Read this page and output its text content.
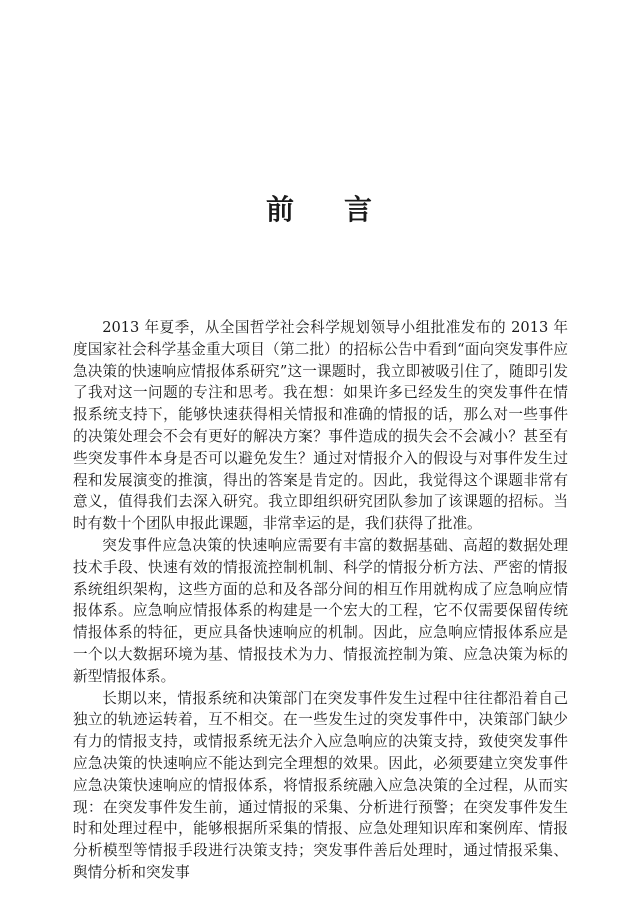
前言

2013 年夏季，从全国哲学社会科学规划领导小组批准发布的 2013 年度国家社会科学基金重大项目（第二批）的招标公告中看到“面向突发事件应急决策的快速响应情报体系研究”这一课题时，我立即被吸引住了，随即引发了我对这一问题的专注和思考。我在想：如果许多已经发生的突发事件在情报系统支持下，能够快速获得相关情报和准确的情报的话，那么对一些事件的决策处理会不会有更好的解决方案？事件造成的损失会不会减小？甚至有些突发事件本身是否可以避免发生？通过对情报介入的假设与对事件发生过程和发展演变的推演，得出的答案是肯定的。因此，我觉得这个课题非常有意义，值得我们去深入研究。我立即组织研究团队参加了该课题的招标。当时有数十个团队申报此课题，非常幸运的是，我们获得了批准。

突发事件应急决策的快速响应需要有丰富的数据基础、高超的数据处理技术手段、快速有效的情报流控制机制、科学的情报分析方法、严密的情报系统组织架构，这些方面的总和及各部分间的相互作用就构成了应急响应情报体系。应急响应情报体系的构建是一个宏大的工程，它不仅需要保留传统情报体系的特征，更应具备快速响应的机制。因此，应急响应情报体系应是一个以大数据环境为基、情报技术为力、情报流控制为策、应急决策为标的新型情报体系。

长期以来，情报系统和决策部门在突发事件发生过程中往往都沿着自己独立的轨迹运转着，互不相交。在一些发生过的突发事件中，决策部门缺少有力的情报支持，或情报系统无法介入应急响应的决策支持，致使突发事件应急决策的快速响应不能达到完全理想的效果。因此，必须要建立突发事件应急决策快速响应的情报体系，将情报系统融入应急决策的全过程，从而实现：在突发事件发生前，通过情报的采集、分析进行预警；在突发事件发生时和处理过程中，能够根据所采集的情报、应急处理知识库和案例库、情报分析模型等情报手段进行决策支持；突发事件善后处理时，通过情报采集、舆情分析和突发事
